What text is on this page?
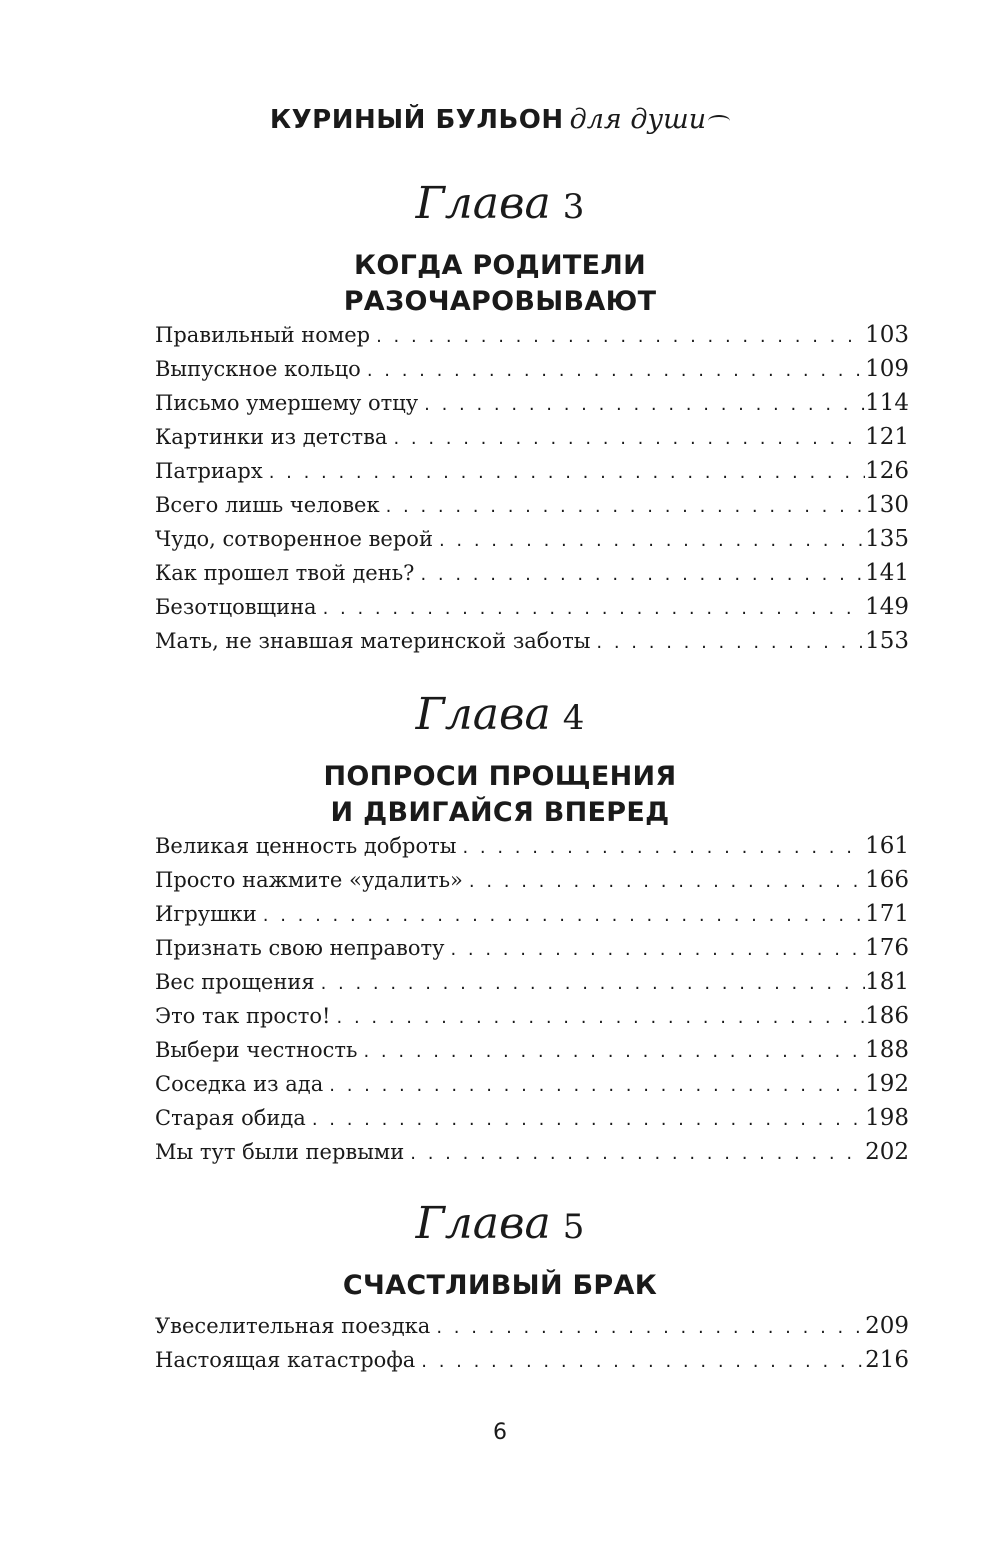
КУРИНЫЙ БУЛЬОН для души
Глава 3
КОГДА РОДИТЕЛИ
РАЗОЧАРОВЫВАЮТ
Правильный номер . . .	103
Выпускное кольцо . . .	109
Письмо умершему отцу . . .	114
Картинки из детства . . .	121
Патриарх . . .	126
Всего лишь человек . . .	130
Чудо, сотворенное верой . . .	135
Как прошел твой день? . . .	141
Безотцовщина . . .	149
Мать, не знавшая материнской заботы . . .	153
Глава 4
ПОПРОСИ ПРОЩЕНИЯ
И ДВИГАЙСЯ ВПЕРЕД
Великая ценность доброты . . .	161
Просто нажмите «удалить» . . .	166
Игрушки . . .	171
Признать свою неправоту . . .	176
Вес прощения . . .	181
Это так просто! . . .	186
Выбери честность . . .	188
Соседка из ада . . .	192
Старая обида . . .	198
Мы тут были первыми . . .	202
Глава 5
СЧАСТЛИВЫЙ БРАК
Увеселительная поездка . . .	209
Настоящая катастрофа . . .	216
6
